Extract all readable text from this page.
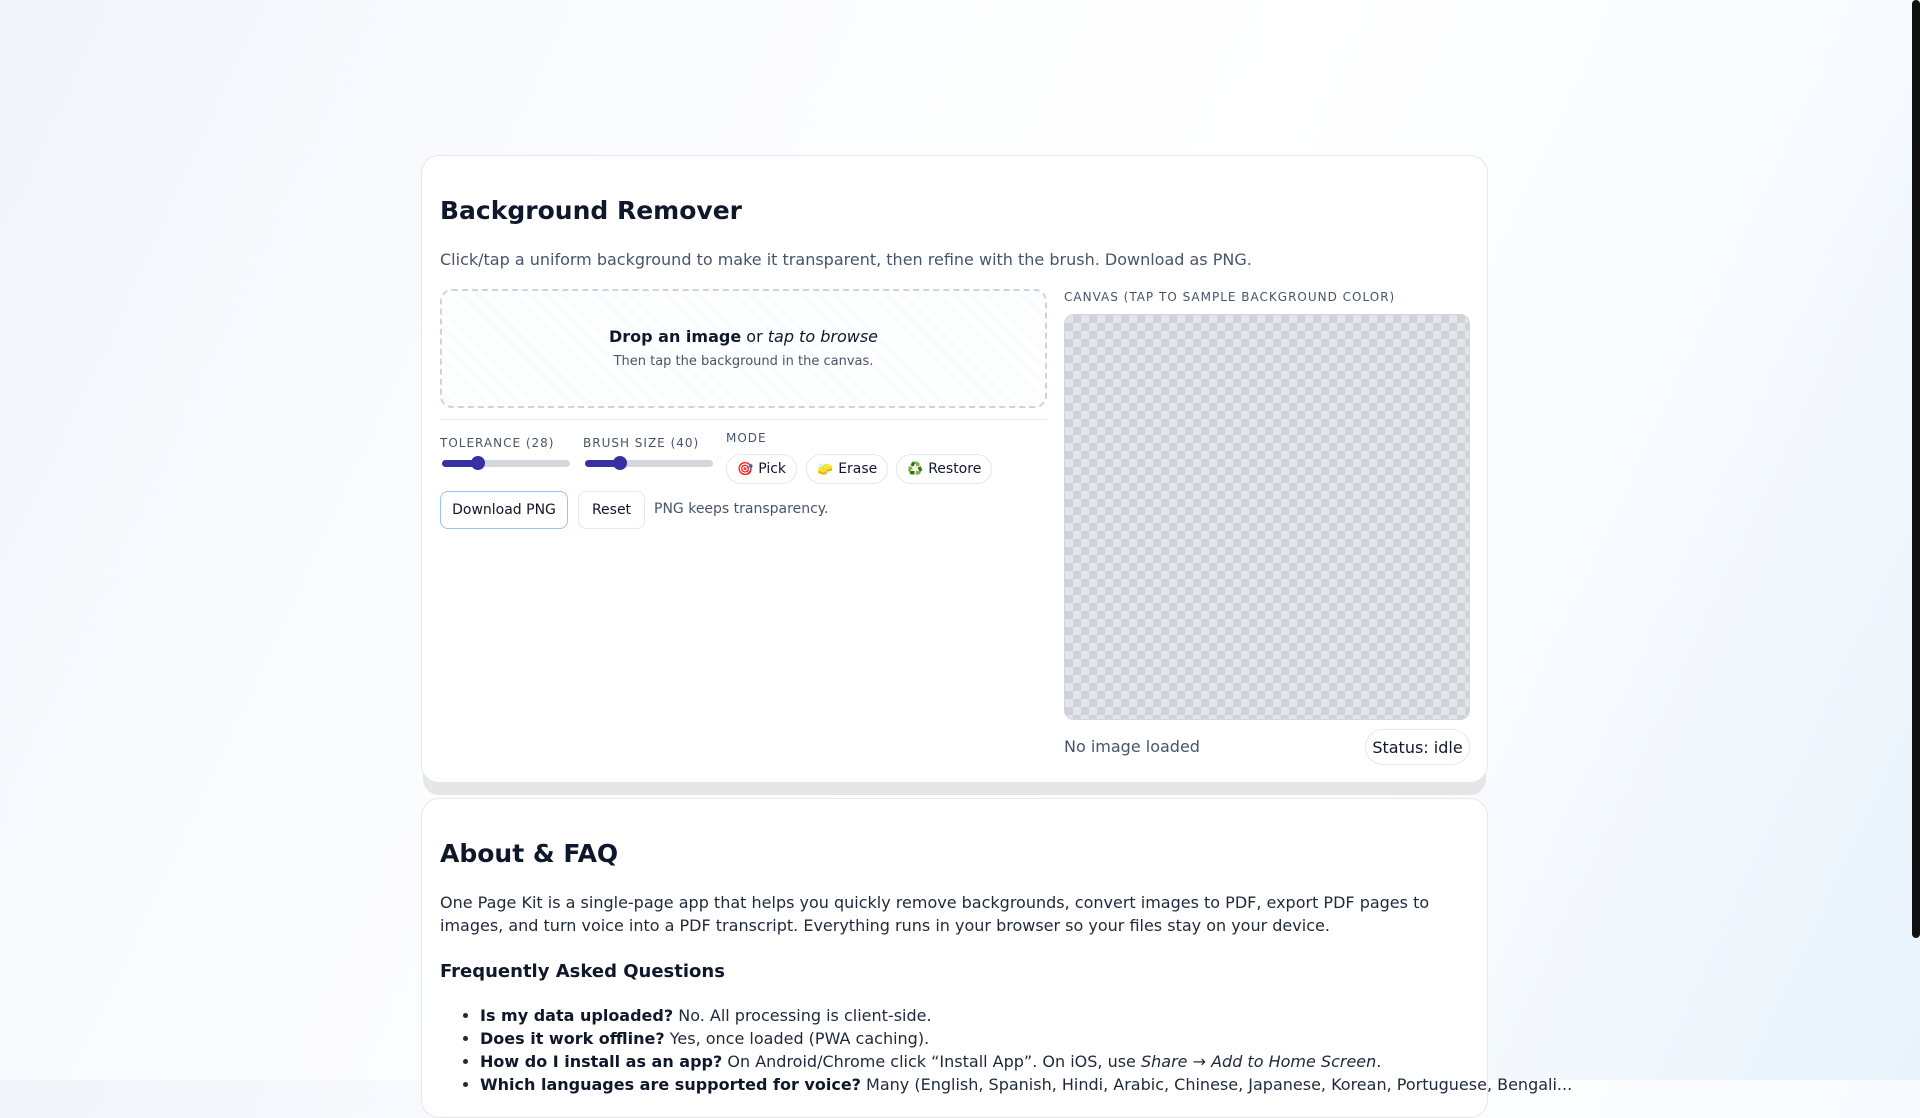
Background Remover

Click/tap a uniform background to make it transparent, then refine with the brush. Download as PNG.

Drop an image or tap to browse
Then tap the background in the canvas.
TOLERANCE (28) BRUSH SIZE (40) MODE
🎯 Pick 🧽 Erase ♻️ Restore
Download PNG	Reset	PNG keeps transparency.
CANVAS (TAP TO SAMPLE BACKGROUND COLOR)
No image loaded	Status: idle
About & FAQ

One Page Kit is a single-page app that helps you quickly remove backgrounds, convert images to PDF, export PDF pages to images, and turn voice into a PDF transcript. Everything runs in your browser so your files stay on your device.

Frequently Asked Questions
• Is my data uploaded? No. All processing is client-side.
• Does it work offline? Yes, once loaded (PWA caching).
• How do I install as an app? On Android/Chrome click “Install App”. On iOS, use Share → Add to Home Screen.
• Which languages are supported for voice? Many (English, Spanish, Hindi, Arabic, Chinese, Japanese, Korean, Portuguese, Bengali...
